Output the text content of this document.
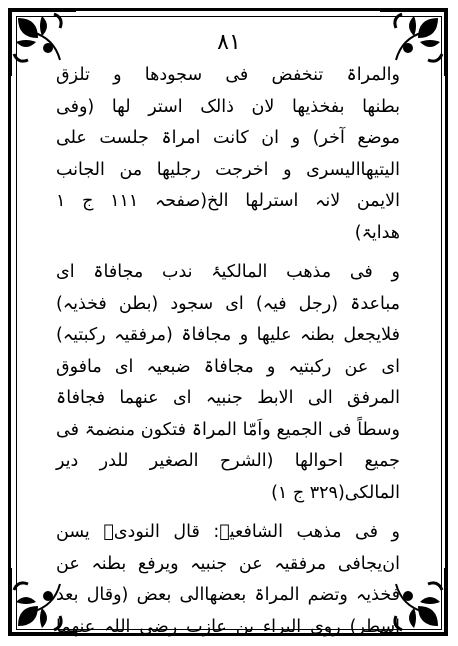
٨١

والمراۃ تنخفض فی سجودھا و تلزق
بطنها بفخذیها لان ذالک استر لها (وفی
موضع آخر) و ان کانت امراۃ جلست علی
الیتیهاالیسری و اخرجت رجلیها من الجانب
الایمن لانہ استرلها الخ(صفحہ ۱۱۱ ج ۱
ھدایۃ)

و فی مذھب المالکیۂ ندب مجافاۃ ای
مباعدۃ (رجل فیہ) ای سجود (بطن فخذیہ)
فلایجعل بطنہ علیها و مجافاۃ (مرفقیہ رکبتیہ)
ای عن رکبتیہ و مجافاۃ ضبعیہ ای مافوق
المرفق الی الابط جنبیہ ای عنهما فجافاۃ
وسطاً فی الجمیع واَمّا المراۃ فتکون منضمۃ فی
جمیع احوالها (الشرح الصغیر للدر دیر
المالکی(۳۲۹ ج ۱)

و فی مذھب الشافعیۃ: قال النودیؒ یسن
ان‌یجافی مرفقیہ عن جنبیہ ویرفع بطنہ عن
فخذیہ وتضم المراۃ بعضهاالی بعض (وقال بعد
اسطر) روی البراء بن عازب رضی اللہ عنهما
